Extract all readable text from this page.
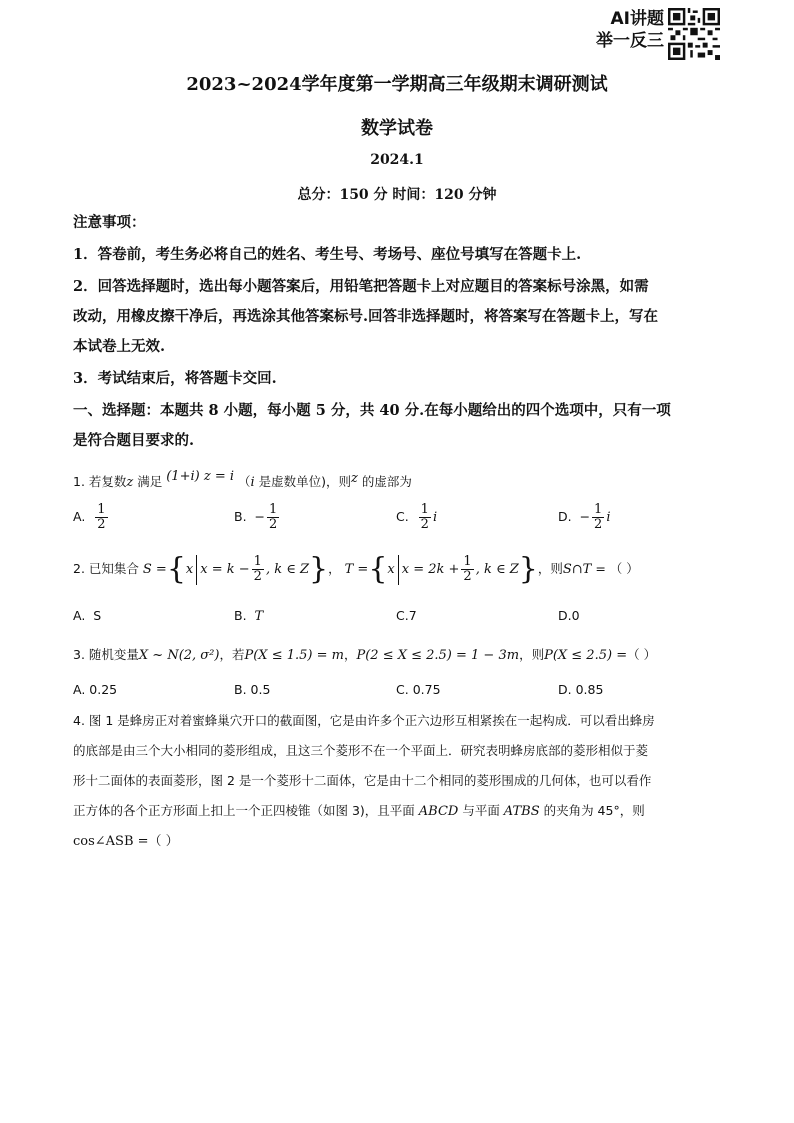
AI讲题
举一反三
2023~2024学年度第一学期高三年级期末调研测试
数学试卷
2024.1
总分：150 分 时间：120 分钟
注意事项：
1．答卷前，考生务必将自己的姓名、考生号、考场号、座位号填写在答题卡上.
2．回答选择题时，选出每小题答案后，用铅笔把答题卡上对应题目的答案标号涂黑，如需
改动，用橡皮擦干净后，再选涂其他答案标号.回答非选择题时，将答案写在答题卡上，写在
本试卷上无效.
3．考试结束后，将答题卡交回.
一、选择题：本题共 8 小题，每小题 5 分，共 40 分.在每小题给出的四个选项中，只有一项
是符合题目要求的.
1. 若复数z 满足 (1+i) z = i （i 是虚数单位)，则z 的虚部为
A. $\frac{1}{2}$	B. − $\frac{1}{2}$	C. $\frac{1}{2}$ i	D. − $\frac{1}{2}$ i
2. 已知集合 S ={x $x = k - \frac{1}{2}$ , k ∈ Z}， T ={x $x = 2k + \frac{1}{2}$ , k ∈ Z}，则S∩T = （ ）
A. S	B. T	C.7	D.0
3. 随机变量X ~ N(2, σ²)，若P(X ≤ 1.5) = m，P(2 ≤ X ≤ 2.5) = 1 − 3m，则P(X ≤ 2.5) =（ ）
A. 0.25	B. 0.5	C. 0.75	D. 0.85
4. 图 1 是蜂房正对着蜜蜂巢穴开口的截面图，它是由许多个正六边形互相紧挨在一起构成．可以看出蜂房
的底部是由三个大小相同的菱形组成，且这三个菱形不在一个平面上．研究表明蜂房底部的菱形相似于菱
形十二面体的表面菱形，图 2 是一个菱形十二面体，它是由十二个相同的菱形围成的几何体，也可以看作
正方体的各个正方形面上扣上一个正四棱锥（如图 3)，且平面 ABCD 与平面 ATBS 的夹角为 45°，则
cos∠ASB =（ ）
